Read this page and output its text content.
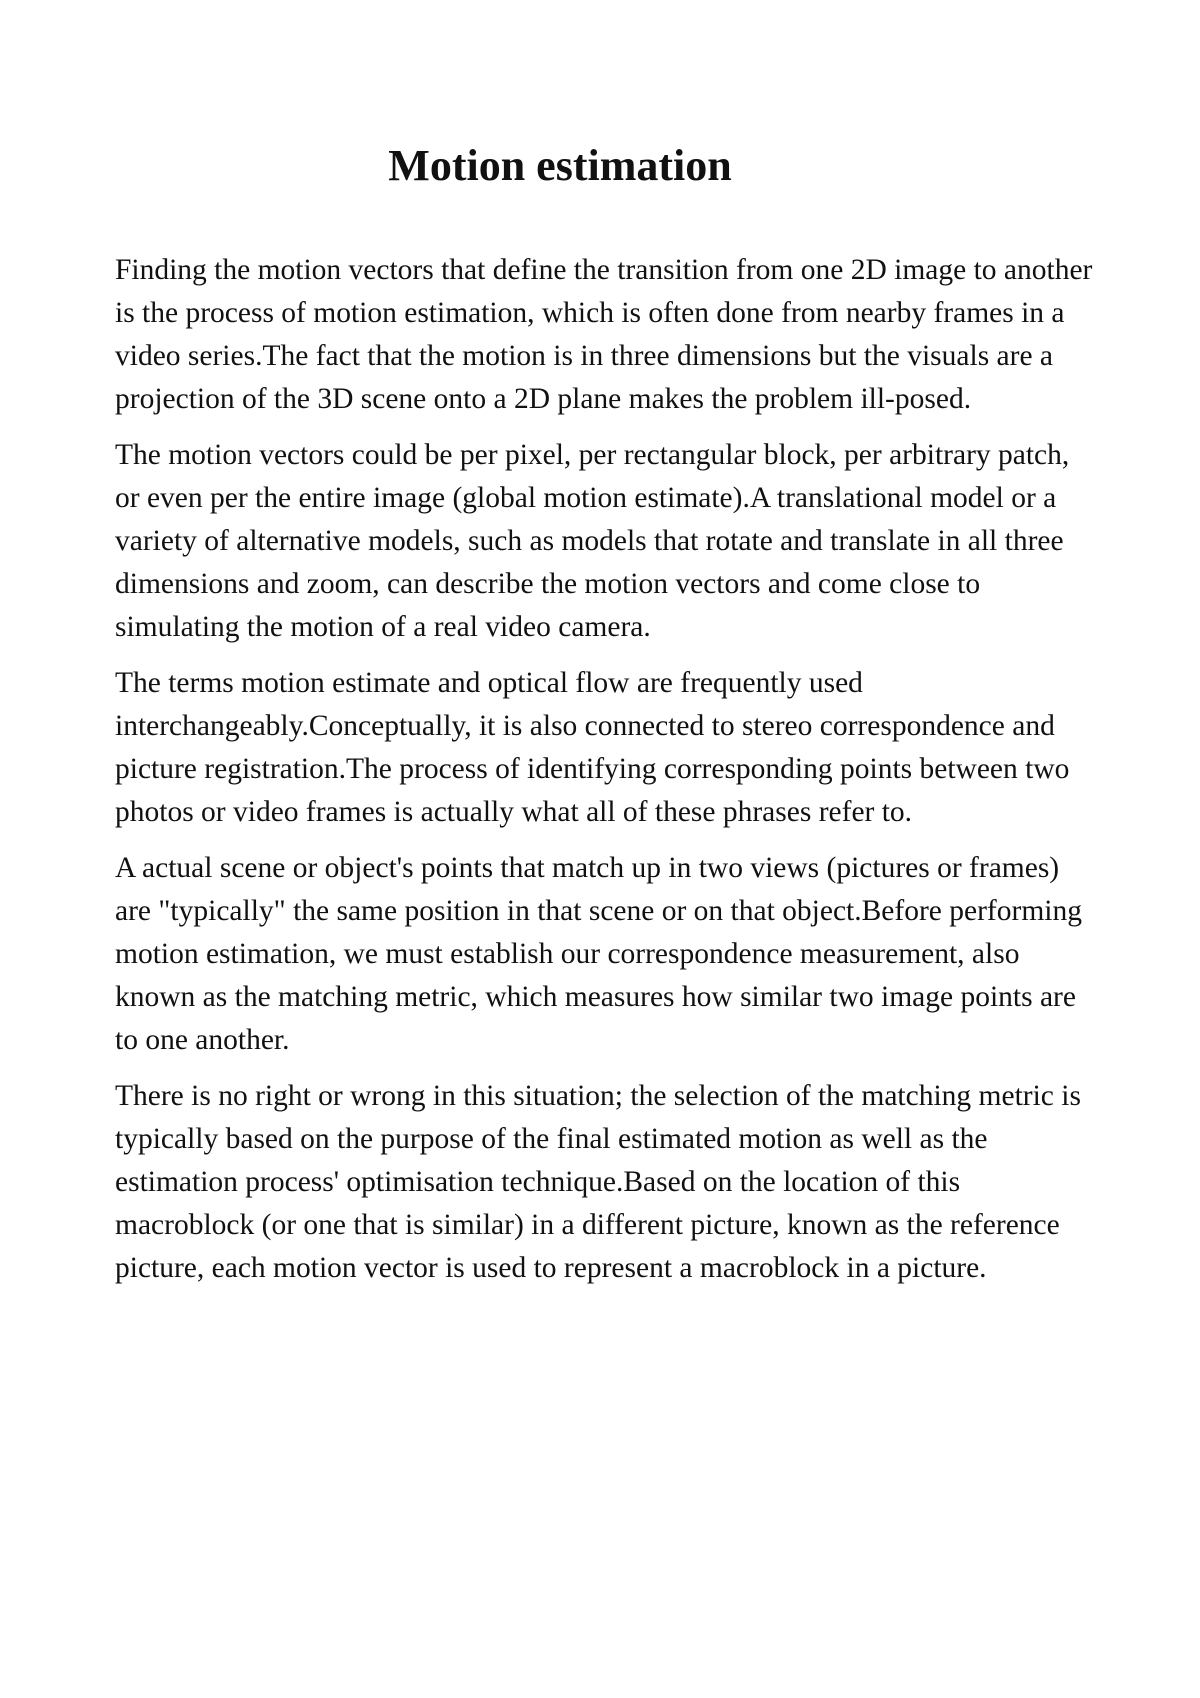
Motion estimation

Finding the motion vectors that define the transition from one 2D image to another is the process of motion estimation, which is often done from nearby frames in a video series.The fact that the motion is in three dimensions but the visuals are a projection of the 3D scene onto a 2D plane makes the problem ill-posed.

The motion vectors could be per pixel, per rectangular block, per arbitrary patch, or even per the entire image (global motion estimate).A translational model or a variety of alternative models, such as models that rotate and translate in all three dimensions and zoom, can describe the motion vectors and come close to simulating the motion of a real video camera.

The terms motion estimate and optical flow are frequently used interchangeably.Conceptually, it is also connected to stereo correspondence and picture registration.The process of identifying corresponding points between two photos or video frames is actually what all of these phrases refer to.

A actual scene or object's points that match up in two views (pictures or frames) are "typically" the same position in that scene or on that object.Before performing motion estimation, we must establish our correspondence measurement, also known as the matching metric, which measures how similar two image points are to one another.

There is no right or wrong in this situation; the selection of the matching metric is typically based on the purpose of the final estimated motion as well as the estimation process' optimisation technique.Based on the location of this macroblock (or one that is similar) in a different picture, known as the reference picture, each motion vector is used to represent a macroblock in a picture.
